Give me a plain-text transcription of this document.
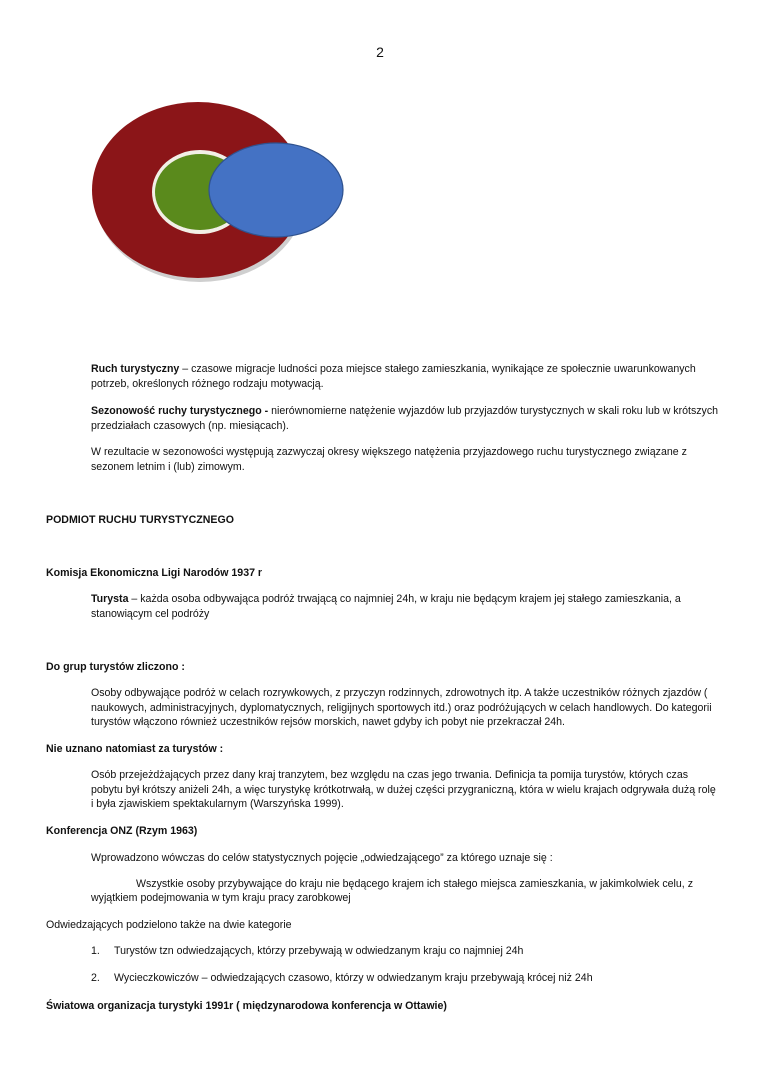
2
Ruch turystyczny – czasowe migracje ludności poza miejsce stałego zamieszkania, wynikające ze społecznie uwarunkowanych potrzeb, określonych różnego rodzaju motywacją.
Sezonowość ruchy turystycznego - nierównomierne natężenie wyjazdów lub przyjazdów turystycznych w skali roku lub w krótszych przedziałach czasowych (np. miesiącach).
W rezultacie w sezonowości występują zazwyczaj okresy większego natężenia przyjazdowego ruchu turystycznego związane z sezonem letnim i (lub) zimowym.
PODMIOT RUCHU TURYSTYCZNEGO
Komisja Ekonomiczna Ligi Narodów 1937 r
Turysta – każda osoba odbywająca podróż trwającą co najmniej 24h, w kraju nie będącym krajem jej stałego zamieszkania, a stanowiącym cel podróży
Do grup turystów zliczono :
Osoby odbywające podróż w celach rozrywkowych, z przyczyn rodzinnych, zdrowotnych itp. A także uczestników różnych zjazdów ( naukowych, administracyjnych, dyplomatycznych, religijnych sportowych itd.) oraz podróżujących w celach handlowych. Do kategorii turystów włączono również uczestników rejsów morskich, nawet gdyby ich pobyt nie przekraczał 24h.
Nie uznano natomiast za turystów :
Osób przejeżdżających przez dany kraj tranzytem, bez względu na czas jego trwania. Definicja ta pomija turystów, których czas pobytu był krótszy aniżeli 24h, a więc turystykę krótkotrwałą, w dużej części przygraniczną, która w wielu krajach odgrywała dużą rolę i była zjawiskiem spektakularnym (Warszyńska 1999).
Konferencja ONZ (Rzym 1963)
Wprowadzono wówczas do celów statystycznych pojęcie „odwiedzającego” za którego uznaje się :
Wszystkie osoby przybywające do kraju nie będącego krajem ich stałego miejsca zamieszkania, w jakimkolwiek celu, z
wyjątkiem podejmowania w tym kraju pracy zarobkowej
Odwiedzających podzielono także na dwie kategorie
1. Turystów tzn odwiedzających, którzy przebywają w odwiedzanym kraju co najmniej 24h
2. Wycieczkowiczów – odwiedzających czasowo, którzy w odwiedzanym kraju przebywają krócej niż 24h
Światowa organizacja turystyki 1991r ( międzynarodowa konferencja w Ottawie)
